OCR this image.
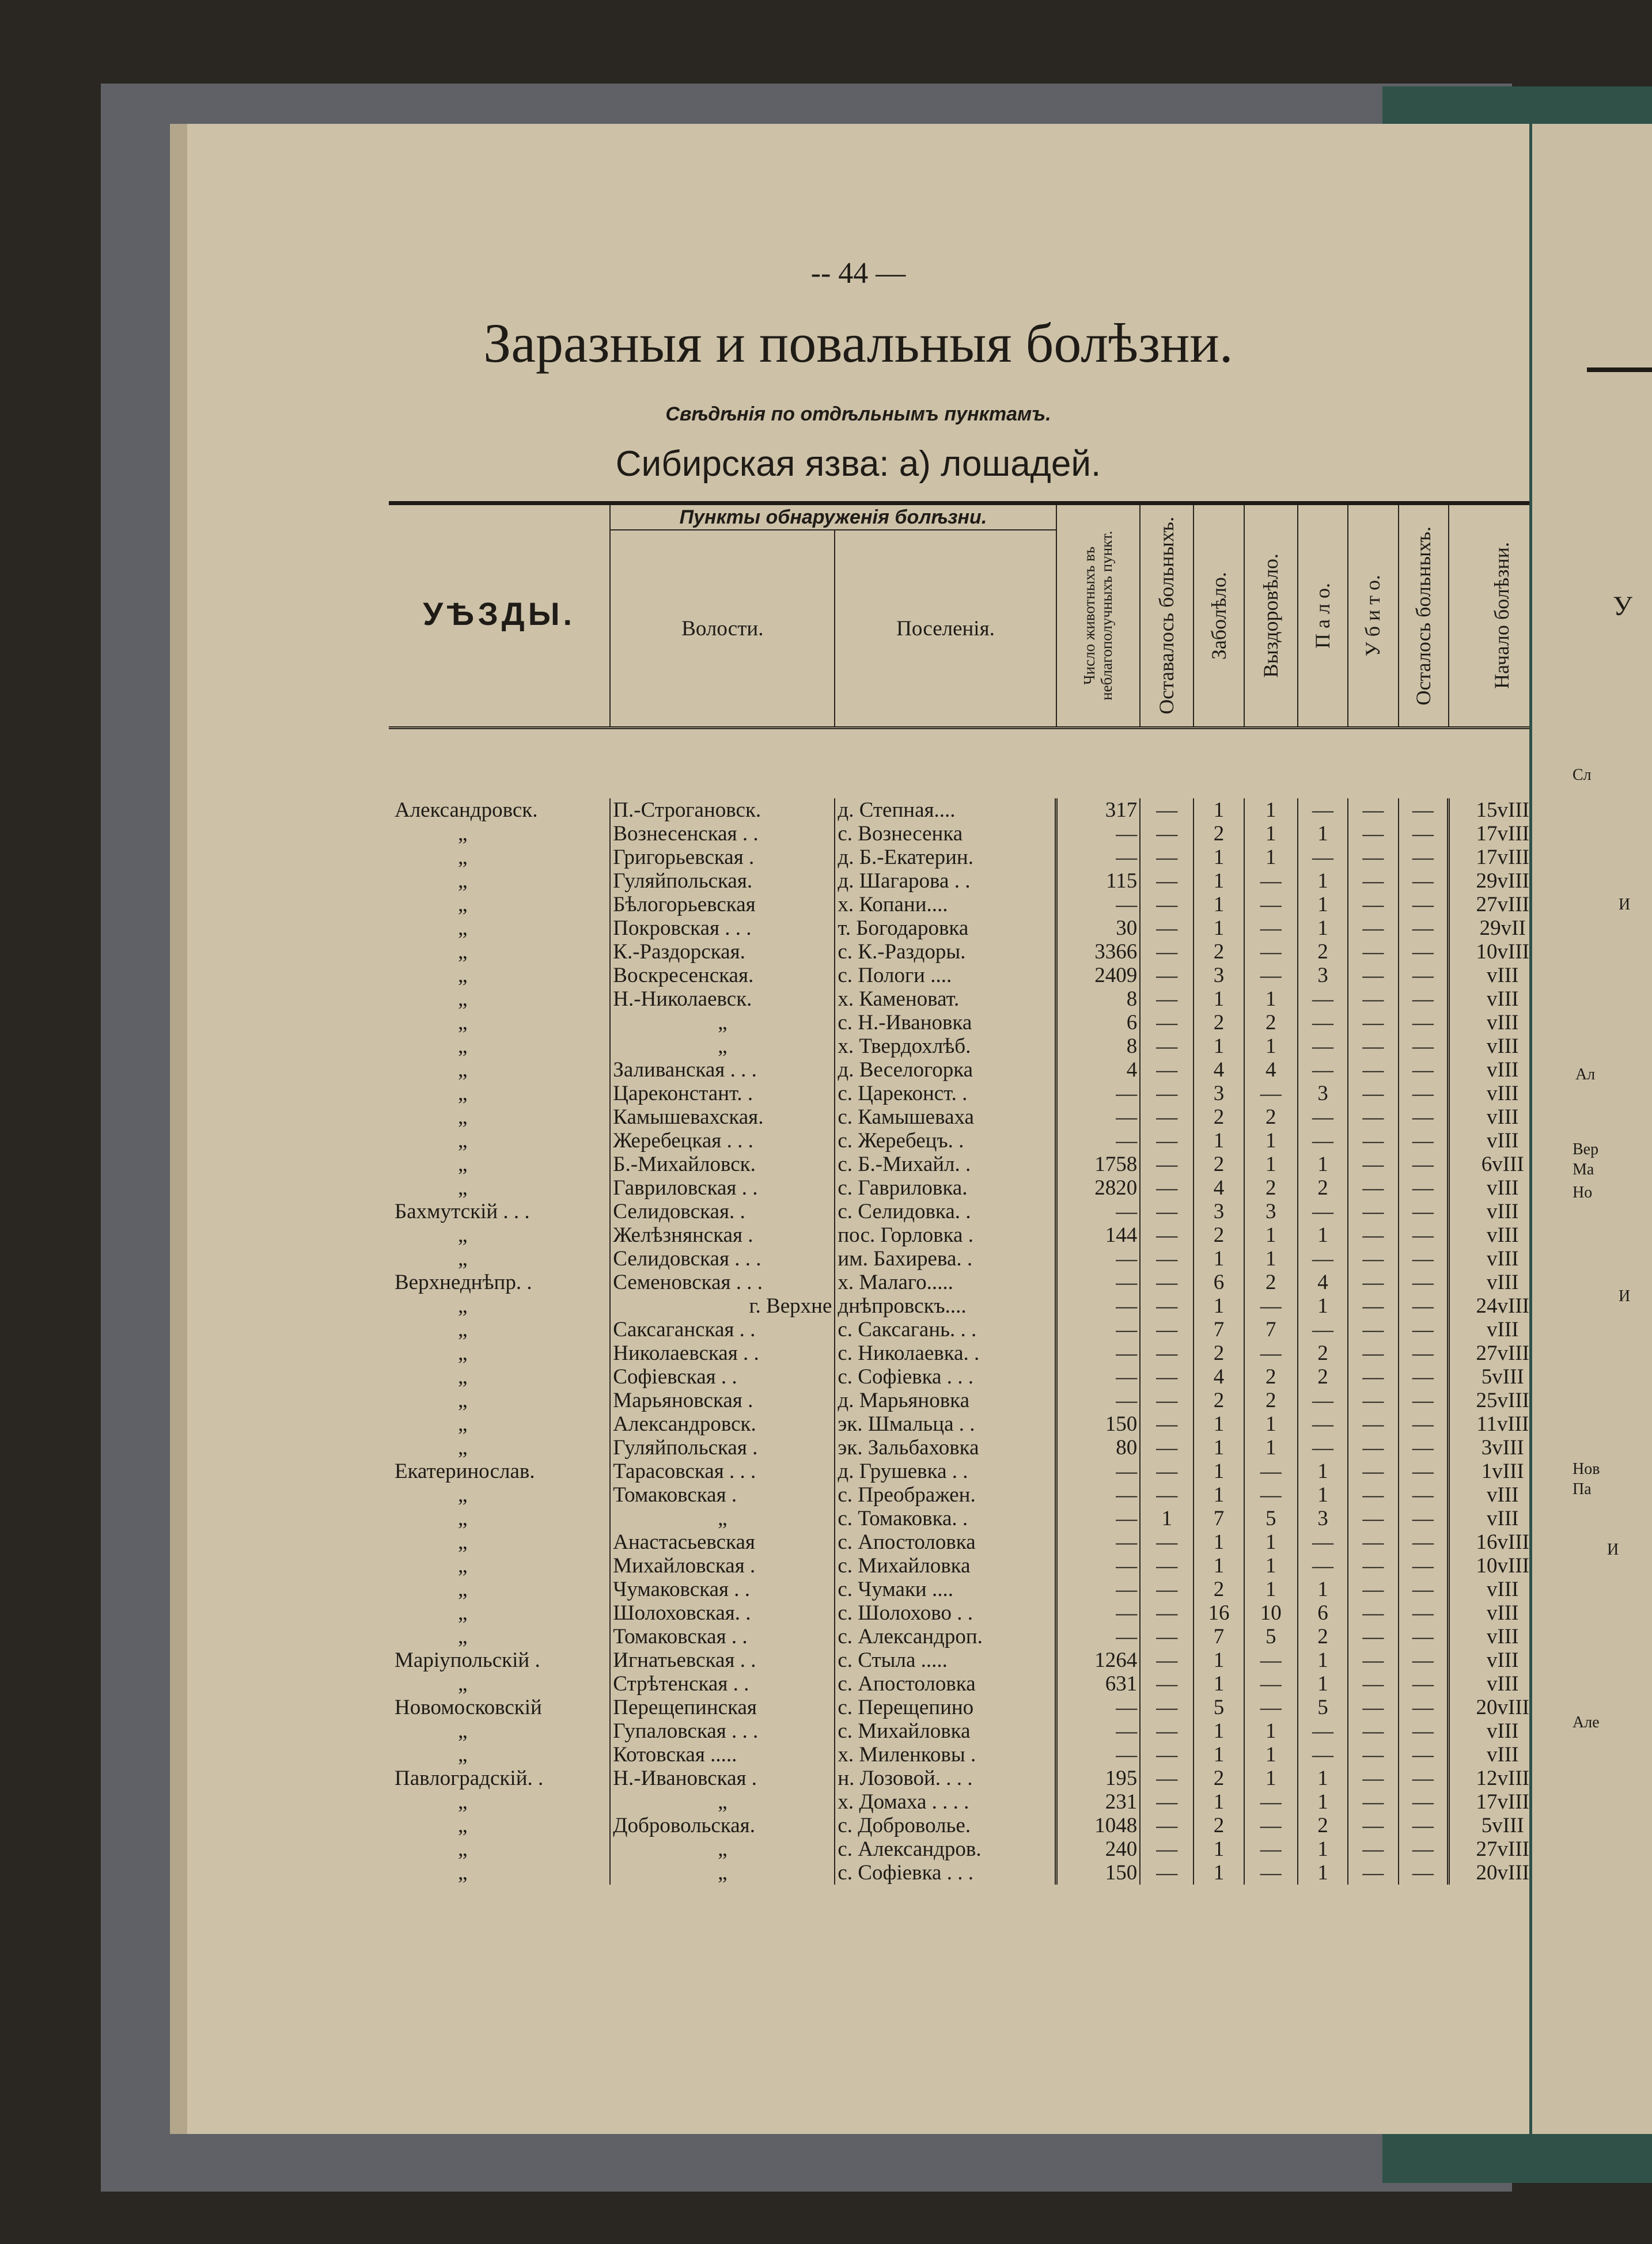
-- 44 —
Заразныя и повальныя болѣзни.
Свѣдѣнія по отдѣльнымъ пунктамъ.
Сибирская язва: а) лошадей.
УѢЗДЫ.	Пункты обнаруженія болѣзни.		Число животныхъ въ неблагополучныхъ пункт.	Оставалось больныхъ.	Заболѣло.	Выздоровѣло.	П а л о.	У б и т о.	Осталось больныхъ.	Начало болѣзни.

	Волости.	Поселенія.									

Александровск.	П.-Строгановск.	д. Степная....	317	—	1	1	—	—	—	15vIII	
„	Вознесенская . .	с. Вознесенка	—	—	2	1	1	—	—	17vIII	
„	Григорьевская .	д. Б.-Екатерин.	—	—	1	1	—	—	—	17vIII	
„	Гуляйпольская.	д. Шагарова . .	115	—	1	—	1	—	—	29vIII	
„	Бѣлогорьевская	х. Копани....	—	—	1	—	1	—	—	27vIII	
„	Покровская . . .	т. Богодаровка	30	—	1	—	1	—	—	29vII	
„	К.-Раздорская.	с. К.-Раздоры.	3366	—	2	—	2	—	—	10vIII	
„	Воскресенская.	с. Пологи ....	2409	—	3	—	3	—	—	vIII	
„	Н.-Николаевск.	х. Каменоват.	8	—	1	1	—	—	—	vIII	
„	„	с. Н.-Ивановка	6	—	2	2	—	—	—	vIII	
„	„	х. Твердохлѣб.	8	—	1	1	—	—	—	vIII	
„	Заливанская . . .	д. Веселогорка	4	—	4	4	—	—	—	vIII	
„	Цареконстант. .	с. Цареконст. .	—	—	3	—	3	—	—	vIII	
„	Камышевахская.	с. Камышеваха	—	—	2	2	—	—	—	vIII	
„	Жеребецкая . . .	с. Жеребецъ. .	—	—	1	1	—	—	—	vIII	
„	Б.-Михайловск.	с. Б.-Михайл. .	1758	—	2	1	1	—	—	6vIII	
„	Гавриловская . .	с. Гавриловка.	2820	—	4	2	2	—	—	vIII	
Бахмутскій . . .	Селидовская. .	с. Селидовка. .	—	—	3	3	—	—	—	vIII	
„	Желѣзнянская .	пос. Горловка .	144	—	2	1	1	—	—	vIII	
„	Селидовская . . .	им. Бахирева. .	—	—	1	1	—	—	—	vIII	
Верхнеднѣпр. .	Семеновская . . .	х. Малаго.....	—	—	6	2	4	—	—	vIII	
„	г. Верхне	днѣпровскъ....	—	—	1	—	1	—	—	24vIII	
„	Саксаганская . .	с. Саксагань. . .	—	—	7	7	—	—	—	vIII	
„	Николаевская . .	с. Николаевка. .	—	—	2	—	2	—	—	27vIII	
„	Софіевская . .	с. Софіевка . . .	—	—	4	2	2	—	—	5vIII	
„	Марьяновская .	д. Марьяновка	—	—	2	2	—	—	—	25vIII	
„	Александровск.	эк. Шмальца . .	150	—	1	1	—	—	—	11vIII	
„	Гуляйпольская .	эк. Зальбаховка	80	—	1	1	—	—	—	3vIII	
Екатеринослав.	Тарасовская . . .	д. Грушевка . .	—	—	1	—	1	—	—	1vIII	
„	Томаковская .	с. Преображен.	—	—	1	—	1	—	—	vIII	
„	„	с. Томаковка. .	—	1	7	5	3	—	—	vIII	
„	Анастасьевская	с. Апостоловка	—	—	1	1	—	—	—	16vIII	
„	Михайловская .	с. Михайловка	—	—	1	1	—	—	—	10vIII	
„	Чумаковская . .	с. Чумаки ....	—	—	2	1	1	—	—	vIII	
„	Шолоховская. .	с. Шолохово . .	—	—	16	10	6	—	—	vIII	
„	Томаковская . .	с. Александроп.	—	—	7	5	2	—	—	vIII	
Маріупольскій .	Игнатьевская . .	с. Стыла .....	1264	—	1	—	1	—	—	vIII	
„	Стрѣтенская . .	с. Апостоловка	631	—	1	—	1	—	—	vIII	
Новомосковскій	Перещепинская	с. Перещепино	—	—	5	—	5	—	—	20vIII	
„	Гупаловская . . .	с. Михайловка	—	—	1	1	—	—	—	vIII	
„	Котовская .....	х. Миленковы .	—	—	1	1	—	—	—	vIII	
Павлоградскій. .	Н.-Ивановская .	н. Лозовой. . . .	195	—	2	1	1	—	—	12vIII	
„	„	х. Домаха . . . .	231	—	1	—	1	—	—	17vIII	
„	Добровольская.	с. Доброволье.	1048	—	2	—	2	—	—	5vIII	
„	„	с. Александров.	240	—	1	—	1	—	—	27vIII	
„	„	с. Софіевка . . .	150	—	1	—	1	—	—	20vIII	
У
Сл
И
Ал
Вер
Ма
Но
И
Нов
Па
И
Але
